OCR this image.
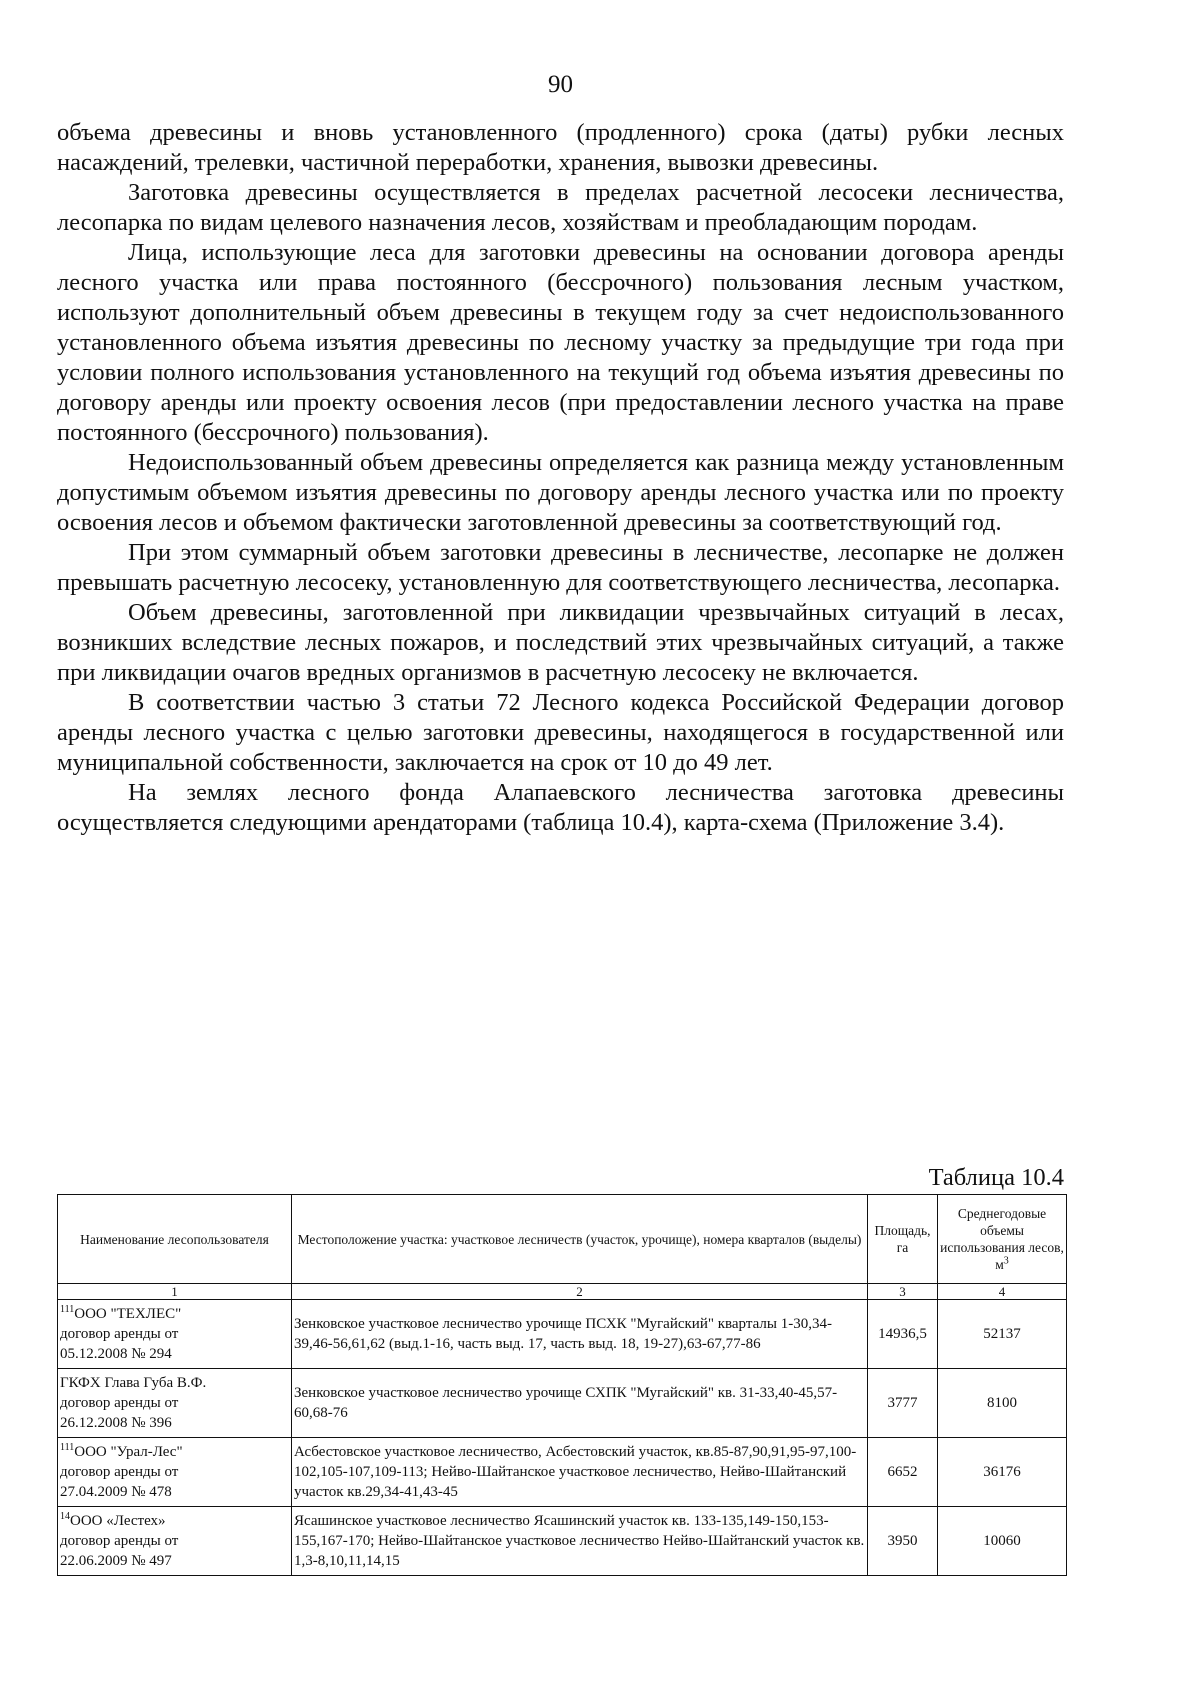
90

объема древесины и вновь установленного (продленного) срока (даты) рубки лесных насаждений, трелевки, частичной переработки, хранения, вывозки древесины.

Заготовка древесины осуществляется в пределах расчетной лесосеки лесничества, лесопарка по видам целевого назначения лесов, хозяйствам и преобладающим породам.

Лица, использующие леса для заготовки древесины на основании договора аренды лесного участка или права постоянного (бессрочного) пользования лесным участком, используют дополнительный объем древесины в текущем году за счет недоиспользованного установленного объема изъятия древесины по лесному участку за предыдущие три года при условии полного использования установленного на текущий год объема изъятия древесины по договору аренды или проекту освоения лесов (при предоставлении лесного участка на праве постоянного (бессрочного) пользования).

Недоиспользованный объем древесины определяется как разница между установленным допустимым объемом изъятия древесины по договору аренды лесного участка или по проекту освоения лесов и объемом фактически заготовленной древесины за соответствующий год.

При этом суммарный объем заготовки древесины в лесничестве, лесопарке не должен превышать расчетную лесосеку, установленную для соответствующего лесничества, лесопарка.

Объем древесины, заготовленной при ликвидации чрезвычайных ситуаций в лесах, возникших вследствие лесных пожаров, и последствий этих чрезвычайных ситуаций, а также при ликвидации очагов вредных организмов в расчетную лесосеку не включается.

В соответствии частью 3 статьи 72 Лесного кодекса Российской Федерации договор аренды лесного участка с целью заготовки древесины, находящегося в государственной или муниципальной собственности, заключается на срок от 10 до 49 лет.

На землях лесного фонда Алапаевского лесничества заготовка древесины осуществляется следующими арендаторами (таблица 10.4), карта-схема (Приложение 3.4).

Таблица 10.4
Наименование лесопользователя	Местоположение участка: участковое лесничеств (участок, урочище), номера кварталов (выделы)	Площадь, га	Среднегодовые объемы использования лесов, $м^3$
1	2	3	4
$^{111}$ООО "ТЕХЛЕС"
договор аренды от
05.12.2008 № 294	Зенковское участковое лесничество урочище ПСХК "Мугайский" кварталы 1-30,34-39,46-56,61,62 (выд.1-16, часть выд. 17, часть выд. 18, 19-27),63-67,77-86	14936,5	52137
ГКФХ Глава Губа В.Ф.
договор аренды от
26.12.2008 № 396	Зенковское участковое лесничество урочище СХПК "Мугайский" кв. 31-33,40-45,57-60,68-76	3777	8100
$^{111}$ООО "Урал-Лес"
договор аренды от
27.04.2009 № 478	Асбестовское участковое лесничество, Асбестовский участок, кв.85-87,90,91,95-97,100-102,105-107,109-113; Нейво-Шайтанское участковое лесничество, Нейво-Шайтанский участок кв.29,34-41,43-45	6652	36176
$^{14}$ООО «Лестех»
договор аренды от
22.06.2009 № 497	Ясашинское участковое лесничество Ясашинский участок кв. 133-135,149-150,153-155,167-170; Нейво-Шайтанское участковое лесничество Нейво-Шайтанский участок кв. 1,3-8,10,11,14,15	3950	10060
